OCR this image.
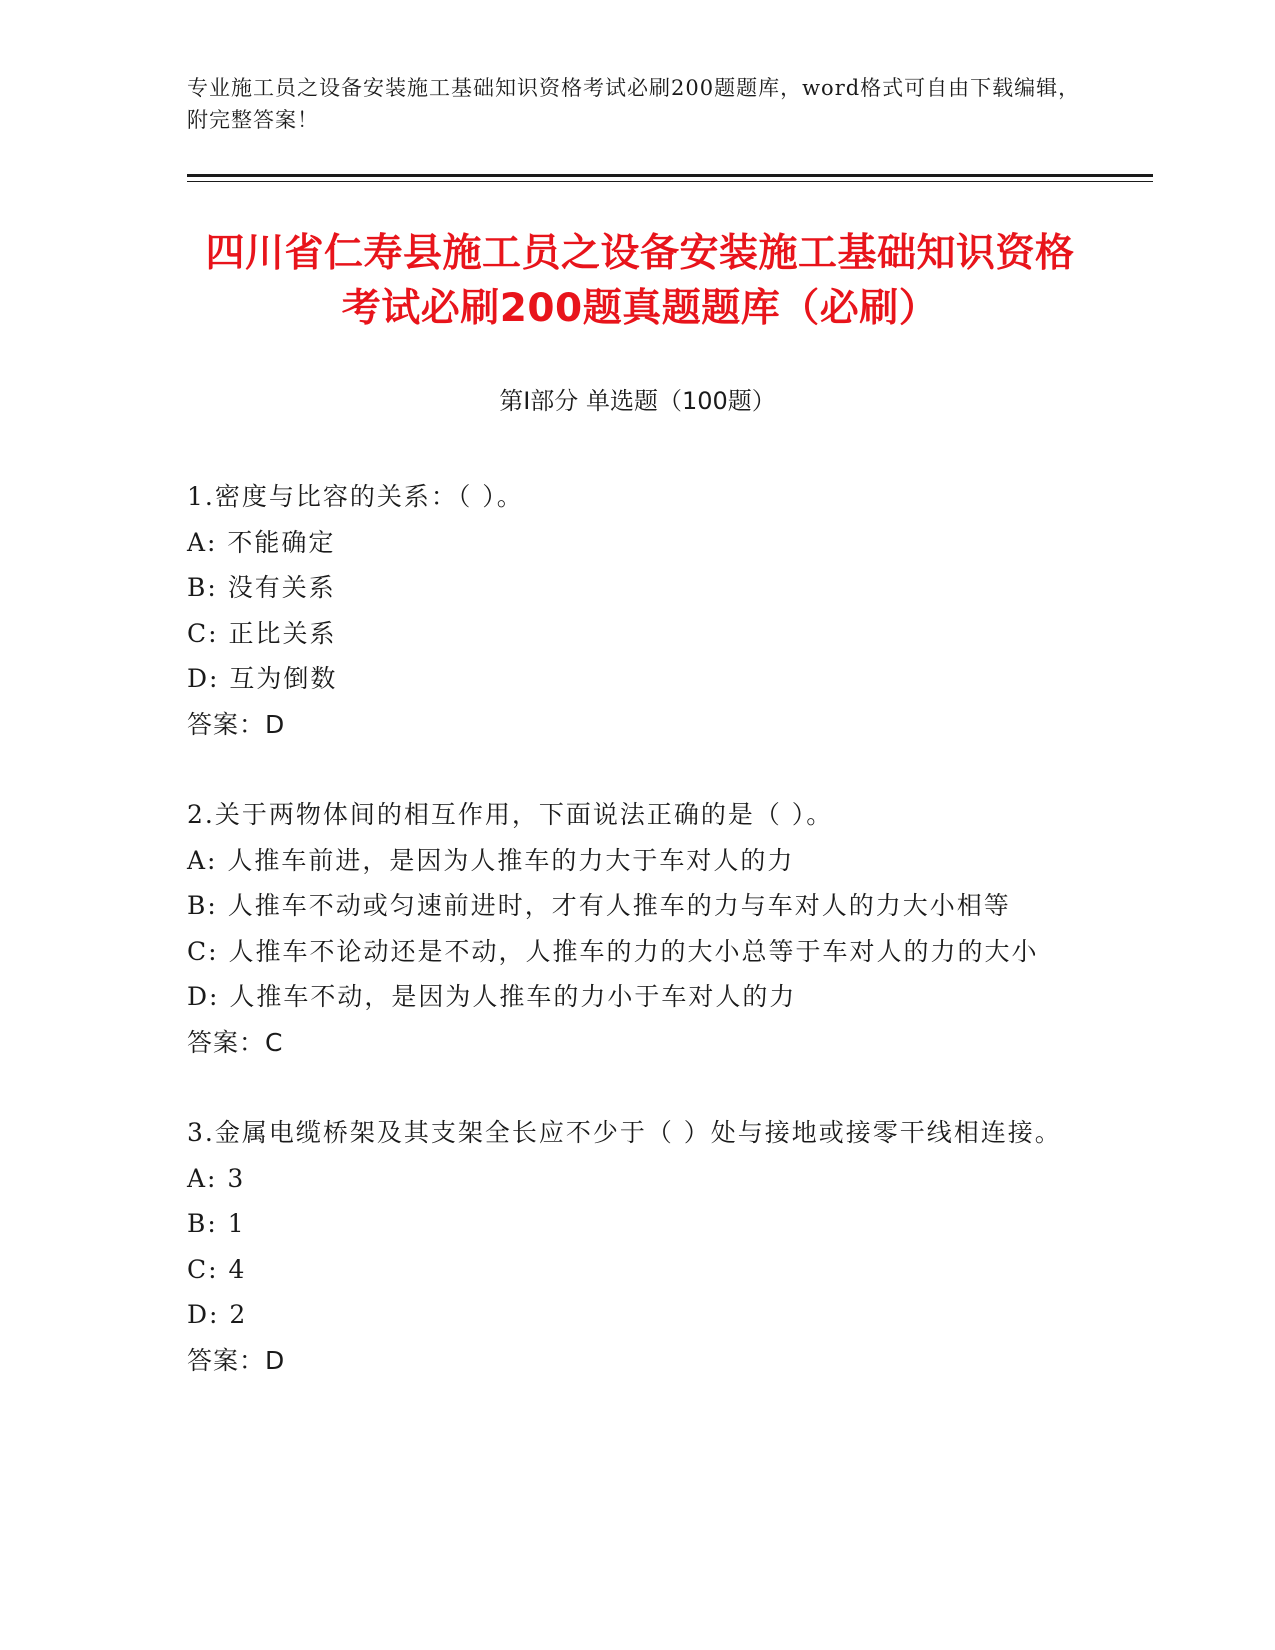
专业施工员之设备安装施工基础知识资格考试必刷200题题库，word格式可自由下载编辑，附完整答案！
四川省仁寿县施工员之设备安装施工基础知识资格考试必刷200题真题题库（必刷）
第I部分 单选题（100题）
1.密度与比容的关系：（ ）。
A: 不能确定
B: 没有关系
C: 正比关系
D: 互为倒数
答案：D
2.关于两物体间的相互作用，下面说法正确的是（ ）。
A: 人推车前进，是因为人推车的力大于车对人的力
B: 人推车不动或匀速前进时，才有人推车的力与车对人的力大小相等
C: 人推车不论动还是不动，人推车的力的大小总等于车对人的力的大小
D: 人推车不动，是因为人推车的力小于车对人的力
答案：C
3.金属电缆桥架及其支架全长应不少于（ ）处与接地或接零干线相连接。
A: 3
B: 1
C: 4
D: 2
答案：D
